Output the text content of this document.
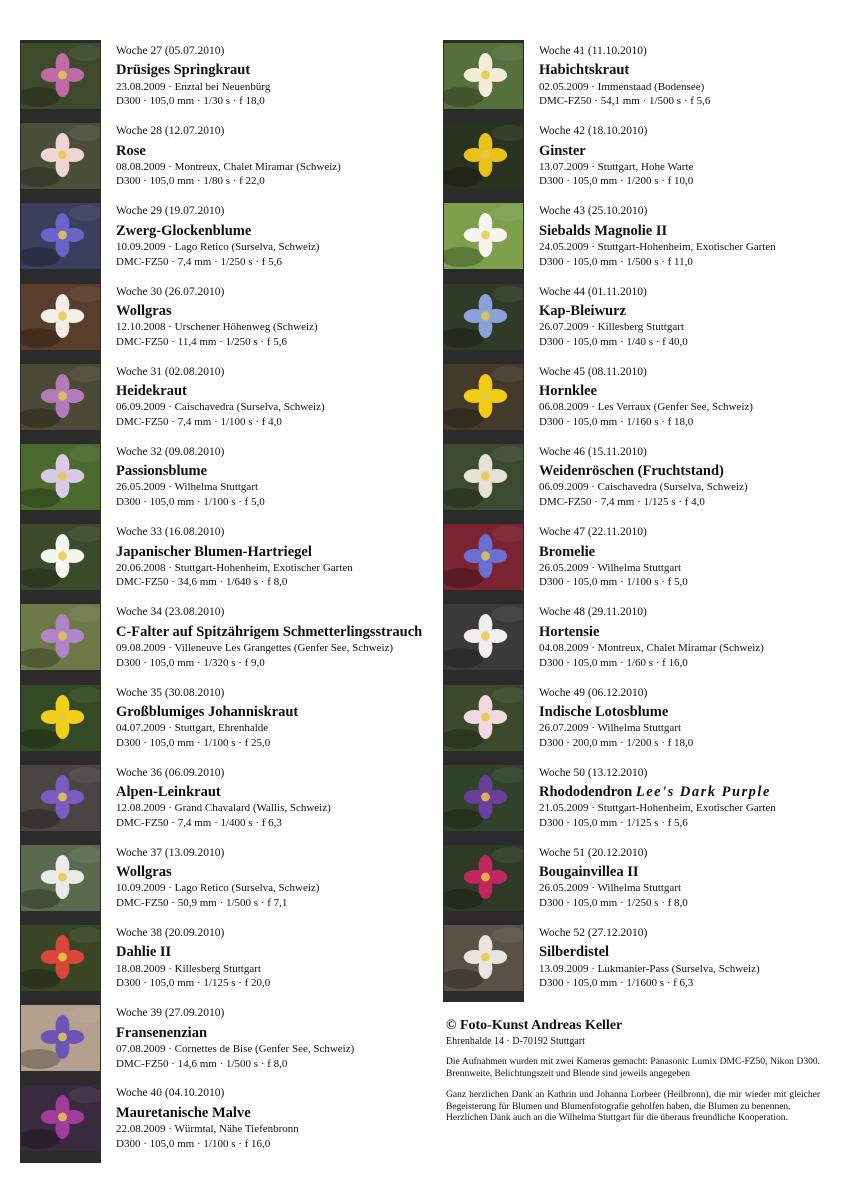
Woche 27 (05.07.2010)
Drüsiges Springkraut
23.08.2009 · Enztal bei Neuenbürg
D300 · 105,0 mm · 1/30 s · f 18,0
Woche 28 (12.07.2010)
Rose
08.08.2009 · Montreux, Chalet Miramar (Schweiz)
D300 · 105,0 mm · 1/80 s · f 22,0
Woche 29 (19.07.2010)
Zwerg-Glockenblume
10.09.2009 · Lago Retico (Surselva, Schweiz)
DMC-FZ50 · 7,4 mm · 1/250 s · f 5,6
Woche 30 (26.07.2010)
Wollgras
12.10.2008 · Urschener Höhenweg (Schweiz)
DMC-FZ50 · 11,4 mm · 1/250 s · f 5,6
Woche 31 (02.08.2010)
Heidekraut
06.09.2009 · Caischavedra (Surselva, Schweiz)
DMC-FZ50 · 7,4 mm · 1/100 s · f 4,0
Woche 32 (09.08.2010)
Passionsblume
26.05.2009 · Wilhelma Stuttgart
D300 · 105,0 mm · 1/100 s · f 5,0
Woche 33 (16.08.2010)
Japanischer Blumen-Hartriegel
20.06.2008 · Stuttgart-Hohenheim, Exotischer Garten
DMC-FZ50 · 34,6 mm · 1/640 s · f 8,0
Woche 34 (23.08.2010)
C-Falter auf Spitzährigem Schmetterlingsstrauch
09.08.2009 · Villeneuve Les Grangettes (Genfer See, Schweiz)
D300 · 105,0 mm · 1/320 s · f 9,0
Woche 35 (30.08.2010)
Großblumiges Johanniskraut
04.07.2009 · Stuttgart, Ehrenhalde
D300 · 105,0 mm · 1/100 s · f 25,0
Woche 36 (06.09.2010)
Alpen-Leinkraut
12.08.2009 · Grand Chavalard (Wallis, Schweiz)
DMC-FZ50 · 7,4 mm · 1/400 s · f 6,3
Woche 37 (13.09.2010)
Wollgras
10.09.2009 · Lago Retico (Surselva, Schweiz)
DMC-FZ50 · 50,9 mm · 1/500 s · f 7,1
Woche 38 (20.09.2010)
Dahlie II
18.08.2009 · Killesberg Stuttgart
D300 · 105,0 mm · 1/125 s · f 20,0
Woche 39 (27.09.2010)
Fransenenzian
07.08.2009 · Cornettes de Bise (Genfer See, Schweiz)
DMC-FZ50 · 14,6 mm · 1/500 s · f 8,0
Woche 40 (04.10.2010)
Mauretanische Malve
22.08.2009 · Würmtal, Nähe Tiefenbronn
D300 · 105,0 mm · 1/100 s · f 16,0
Woche 41 (11.10.2010)
Habichtskraut
02.05.2009 · Immenstaad (Bodensee)
DMC-FZ50 · 54,1 mm · 1/500 s · f 5,6
Woche 42 (18.10.2010)
Ginster
13.07.2009 · Stuttgart, Hohe Warte
D300 · 105,0 mm · 1/200 s · f 10,0
Woche 43 (25.10.2010)
Siebalds Magnolie II
24.05.2009 · Stuttgart-Hohenheim, Exotischer Garten
D300 · 105,0 mm · 1/500 s · f 11,0
Woche 44 (01.11.2010)
Kap-Bleiwurz
26.07.2009 · Killesberg Stuttgart
D300 · 105,0 mm · 1/40 s · f 40,0
Woche 45 (08.11.2010)
Hornklee
06.08.2009 · Les Verraux (Genfer See, Schweiz)
D300 · 105,0 mm · 1/160 s · f 18,0
Woche 46 (15.11.2010)
Weidenröschen (Fruchtstand)
06.09.2009 · Caischavedra (Surselva, Schweiz)
DMC-FZ50 · 7,4 mm · 1/125 s · f 4,0
Woche 47 (22.11.2010)
Bromelie
26.05.2009 · Wilhelma Stuttgart
D300 · 105,0 mm · 1/100 s · f 5,0
Woche 48 (29.11.2010)
Hortensie
04.08.2009 · Montreux, Chalet Miramar (Schweiz)
D300 · 105,0 mm · 1/60 s · f 16,0
Woche 49 (06.12.2010)
Indische Lotosblume
26.07.2009 · Wilhelma Stuttgart
D300 · 200,0 mm · 1/200 s · f 18,0
Woche 50 (13.12.2010)
Rhododendron Lee's Dark Purple
21.05.2009 · Stuttgart-Hohenheim, Exotischer Garten
D300 · 105,0 mm · 1/125 s · f 5,6
Woche 51 (20.12.2010)
Bougainvillea II
26.05.2009 · Wilhelma Stuttgart
D300 · 105,0 mm · 1/250 s · f 8,0
Woche 52 (27.12.2010)
Silberdistel
13.09.2009 · Lukmanier-Pass (Surselva, Schweiz)
D300 · 105,0 mm · 1/1600 s · f 6,3
© Foto-Kunst Andreas Keller
Ehrenhalde 14 · D-70192 Stuttgart
Die Aufnahmen wurden mit zwei Kameras gemacht: Panasonic Lumix DMC-FZ50, Nikon D300. Brennweite, Belichtungszeit und Blende sind jeweils angegeben
Ganz herzlichen Dank an Kathrin und Johanna Lorbeer (Heilbronn), die mir wieder mit gleicher Begeisterung für Blumen und Blumenfotografie geholfen haben, die Blumen zu benennen.
Herzlichen Dank auch an die Wilhelma Stuttgart für die überaus freundliche Kooperation.
